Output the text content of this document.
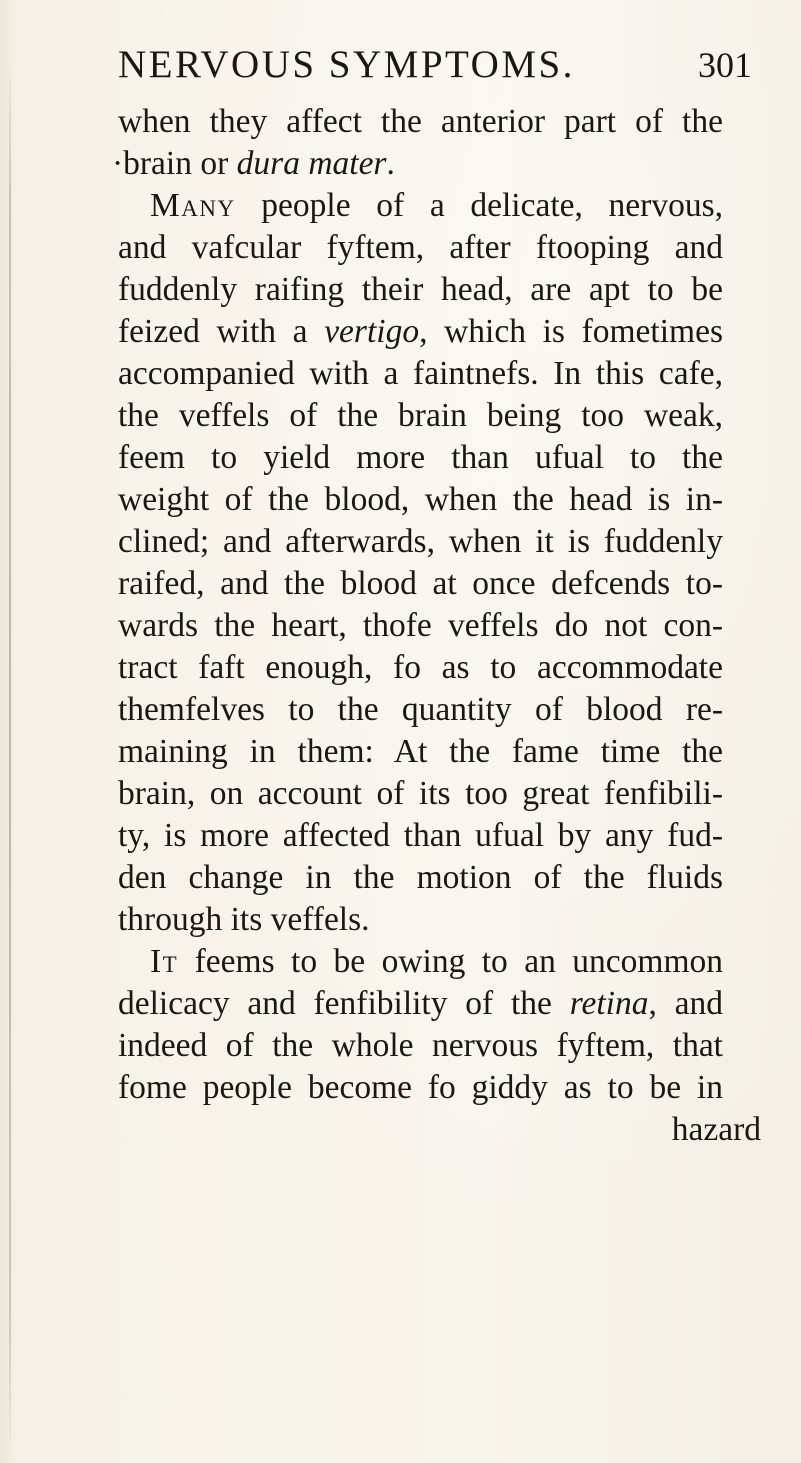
NERVOUS SYMPTOMS.	301
when they affect the anterior part of the
·brain or dura mater.
Many people of a delicate, nervous,
and vafcular fyftem, after ftooping and
fuddenly raifing their head, are apt to be
feized with a vertigo, which is fometimes
accompanied with a faintnefs. In this cafe,
the veffels of the brain being too weak,
feem to yield more than ufual to the
weight of the blood, when the head is in-
clined; and afterwards, when it is fuddenly
raifed, and the blood at once defcends to-
wards the heart, thofe veffels do not con-
tract faft enough, fo as to accommodate
themfelves to the quantity of blood re-
maining in them: At the fame time the
brain, on account of its too great fenfibili-
ty, is more affected than ufual by any fud-
den change in the motion of the fluids
through its veffels.
It feems to be owing to an uncommon
delicacy and fenfibility of the retina, and
indeed of the whole nervous fyftem, that
fome people become fo giddy as to be in
hazard
